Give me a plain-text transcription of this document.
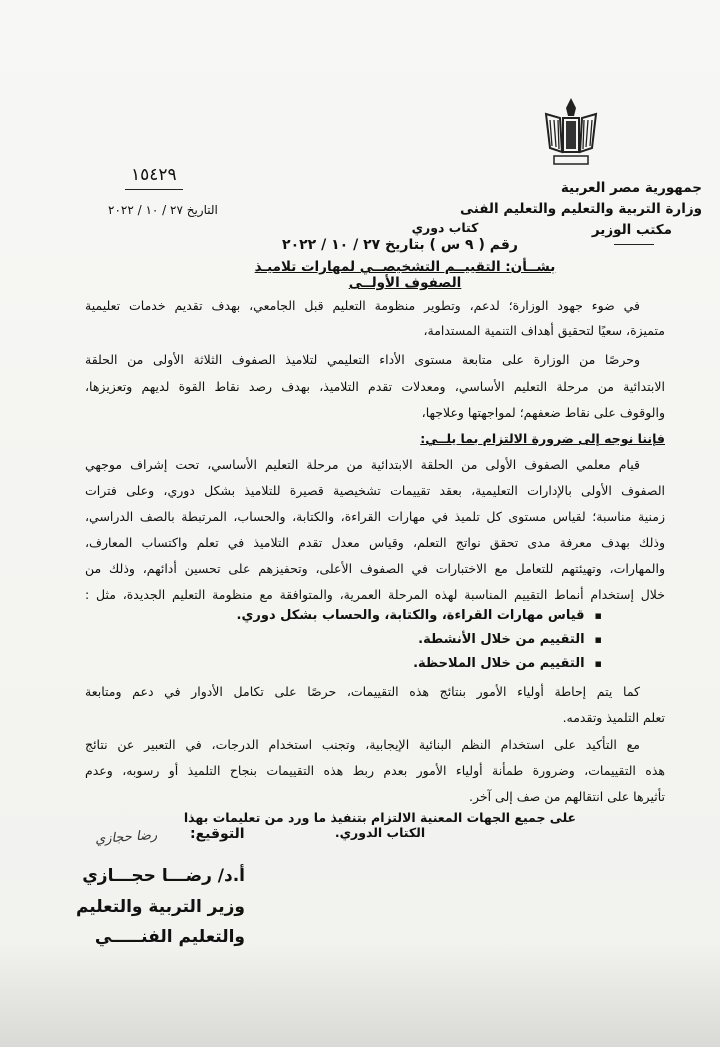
جمهورية مصر العربية
وزارة التربية والتعليم والتعليم الفنى
مكتب الوزير
١٥٤٢٩
التاريخ ٢٧ / ١٠ / ٢٠٢٢
كتاب دوري
رقم ( ٩ س ) بتاريخ ٢٧ / ١٠ / ٢٠٢٢
بشــأن: التقييــم التشخيصــي لمهارات تلاميـذ الصفوف الأولــى
في ضوء جهود الوزارة؛ لدعم، وتطوير منظومة التعليم قبل الجامعي، بهدف تقديم خدمات تعليمية
متميزة، سعيًا لتحقيق أهداف التنمية المستدامة،
وحرصًا من الوزارة على متابعة مستوى الأداء التعليمي لتلاميذ الصفوف الثلاثة الأولى من الحلقة
الابتدائية من مرحلة التعليم الأساسي، ومعدلات تقدم التلاميذ، بهدف رصد نقاط القوة لديهم وتعزيزها،
والوقوف على نقاط ضعفهم؛ لمواجهتها وعلاجها،
فإننا نوجه إلى ضرورة الالتزام بما يلــي:
قيام معلمي الصفوف الأولى من الحلقة الابتدائية من مرحلة التعليم الأساسي، تحت إشراف موجهي
الصفوف الأولى بالإدارات التعليمية، بعقد تقييمات تشخيصية قصيرة للتلاميذ بشكل دوري، وعلى فترات
زمنية مناسبة؛ لقياس مستوى كل تلميذ في مهارات القراءة، والكتابة، والحساب، المرتبطة بالصف الدراسي،
وذلك بهدف معرفة مدى تحقق نواتج التعلم، وقياس معدل تقدم التلاميذ في تعلم واكتساب المعارف،
والمهارات، وتهيئتهم للتعامل مع الاختبارات في الصفوف الأعلى، وتحفيزهم على تحسين أدائهم، وذلك من
خلال إستخدام أنماط التقييم المناسبة لهذه المرحلة العمرية، والمتوافقة مع منظومة التعليم الجديدة، مثل :
▪ قياس مهارات القراءة، والكتابة، والحساب بشكل دوري.
▪ التقييم من خلال الأنشطة.
▪ التقييم من خلال الملاحظة.
كما يتم إحاطة أولياء الأمور بنتائج هذه التقييمات، حرصًا على تكامل الأدوار في دعم ومتابعة
تعلم التلميذ وتقدمه.
مع التأكيد على استخدام النظم البنائية الإيجابية، وتجنب استخدام الدرجات، في التعبير عن نتائج
هذه التقييمات، وضرورة طمأنة أولياء الأمور بعدم ربط هذه التقييمات بنجاح التلميذ أو رسوبه، وعدم
تأثيرها على انتقالهم من صف إلى آخر.
على جميع الجهات المعنية الالتزام بتنفيذ ما ورد من تعليمات بهذا الكتاب الدوري.
التوقيع:
رضا حجازي
أ.د/ رضـــا حجـــازي
وزير التربية والتعليم
والتعليم الفنـــــي
